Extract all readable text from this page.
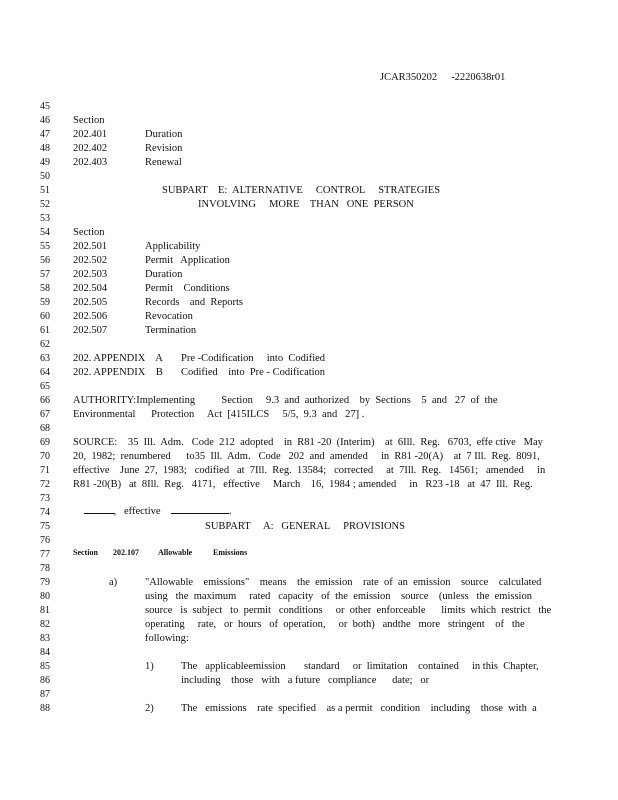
JCAR350202 -2220638r01
45
46
47
48
49
50
51
52
53
54
55
56
57
58
59
60
61
62
63
64
65
66
67
68
69
70
71
72
73
74
75
76
77
78
79
80
81
82
83
84
85
86
87
88
Section
202.401	Duration
202.402	Revision
202.403	Renewal
SUBPART    E:  ALTERNATIVE     CONTROL     STRATEGIES
INVOLVING     MORE    THAN   ONE  PERSON
Section
202.501	Applicability
202.502	Permit   Application
202.503	Duration
202.504	Permit    Conditions
202.505	Records    and  Reports
202.506	Revocation
202.507	Termination
202. APPENDIX    A Pre -Codification     into  Codified
202. APPENDIX    B Codified    into  Pre - Codification
AUTHORITY:Implementing          Section     9.3  and  authorized    by  Sections    5  and   27  of  the
Environmental      Protection     Act  [415ILCS     5/5,  9.3  and   27] .
SOURCE:    35  Ill.  Adm.   Code  212  adopted    in  R81 -20  (Interim)    at  6Ill.  Reg.   6703,  effe ctive   May
20,  1982;  renumbered      to35  Ill.  Adm.   Code   202  and  amended     in  R81 -20(A)    at  7 Ill.  Reg.  8091,
effective    June  27,  1983;   codified   at  7Ill.  Reg.  13584;   corrected     at  7Ill.  Reg.   14561;   amended     in
R81 -20(B)   at  8Ill.  Reg.   4171,   effective     March    16,  1984 ; amended     in   R23 -18   at  47  Ill.  Reg.

,   effective	.

SUBPART     A:   GENERAL     PROVISIONS
Section 202.107 Allowable	Emissions
a)	"Allowable    emissions"    means    the  emission    rate  of  an  emission    source    calculated
using   the  maximum     rated   capacity   of  the  emission    source    (unless   the  emission
source   is  subject   to  permit   conditions     or  other  enforceable      limits  which  restrict   the
operating     rate,   or  hours   of  operation,     or  both)   andthe   more   stringent    of   the
following:
1)	The   applicableemission       standard     or  limitation    contained     in this  Chapter,
including    those   with   a future   compliance      date;   or
2)	The   emissions    rate  specified    as a permit   condition    including    those  with  a
